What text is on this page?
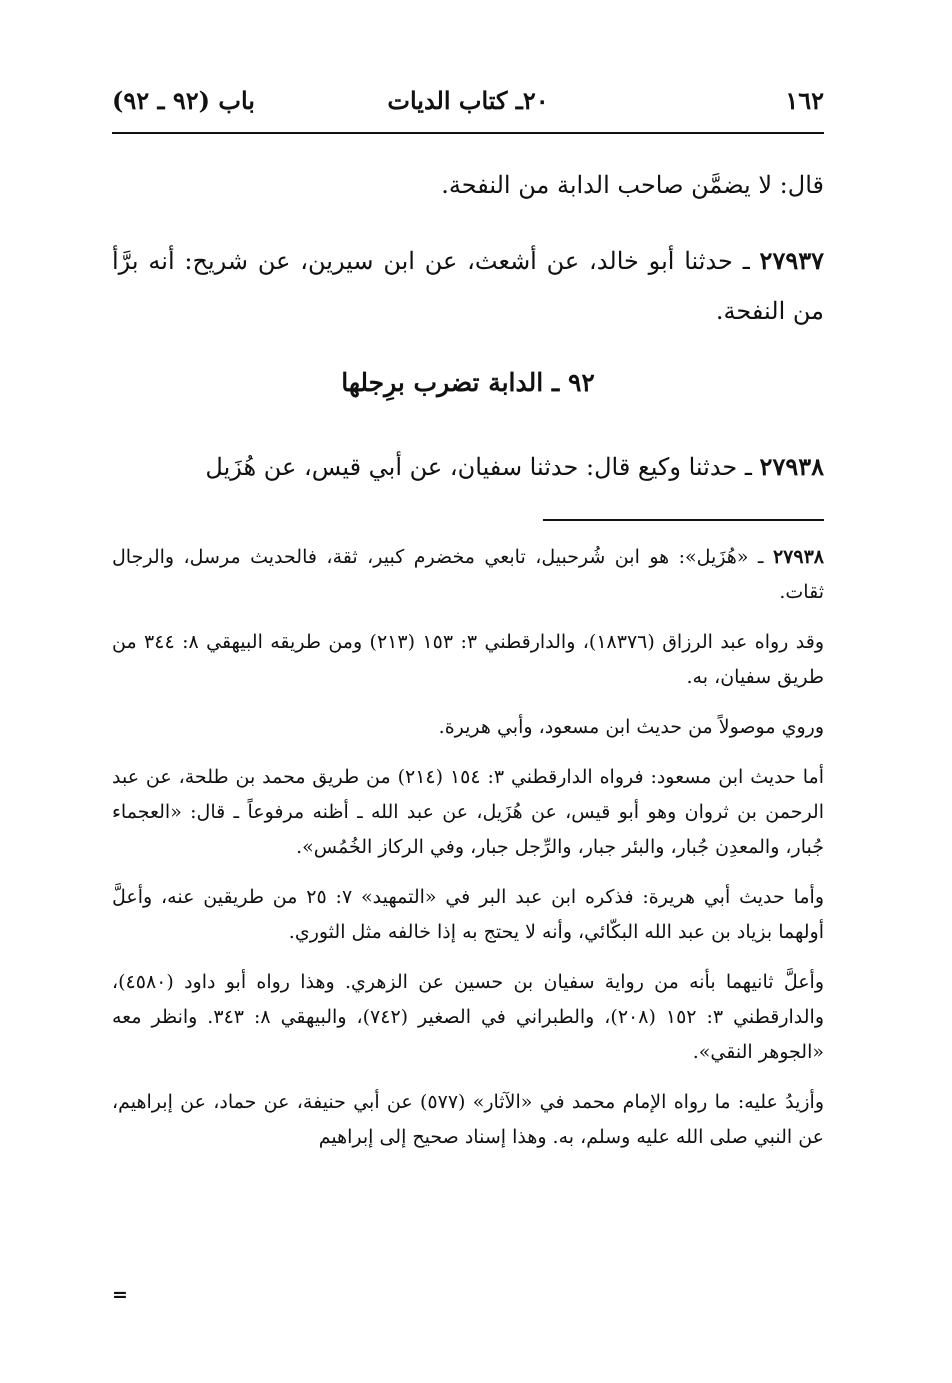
١٦٢
٢٠ـ كتاب الديات
باب (٩٢ ـ ٩٢)

قال: لا يضمَّن صاحب الدابة من النفحة.

٢٧٩٣٧ ـ حدثنا أبو خالد، عن أشعث، عن ابن سيرين، عن شريح: أنه برَّأ من النفحة.

٩٢ ـ الدابة تضرب برِجلها

٢٧٩٣٨ ـ حدثنا وكيع قال: حدثنا سفيان، عن أبي قيس، عن هُزَيل

٢٧٩٣٨ ـ «هُزَيل»: هو ابن شُرحبيل، تابعي مخضرم كبير، ثقة، فالحديث مرسل، والرجال ثقات.

وقد رواه عبد الرزاق (١٨٣٧٦)، والدارقطني ٣: ١٥٣ (٢١٣) ومن طريقه البيهقي ٨: ٣٤٤ من طريق سفيان، به.

وروي موصولاً من حديث ابن مسعود، وأبي هريرة.

أما حديث ابن مسعود: فرواه الدارقطني ٣: ١٥٤ (٢١٤) من طريق محمد بن طلحة، عن عبد الرحمن بن ثروان وهو أبو قيس، عن هُزَيل، عن عبد الله ـ أظنه مرفوعاً ـ قال: «العجماء جُبار، والمعدِن جُبار، والبئر جبار، والرِّجل جبار، وفي الركاز الخُمُس».

وأما حديث أبي هريرة: فذكره ابن عبد البر في «التمهيد» ٧: ٢٥ من طريقين عنه، وأعلَّ أولهما بزياد بن عبد الله البكّائي، وأنه لا يحتج به إذا خالفه مثل الثوري.

وأعلَّ ثانيهما بأنه من رواية سفيان بن حسين عن الزهري. وهذا رواه أبو داود (٤٥٨٠)، والدارقطني ٣: ١٥٢ (٢٠٨)، والطبراني في الصغير (٧٤٢)، والبيهقي ٨: ٣٤٣. وانظر معه «الجوهر النقي».

وأزيدُ عليه: ما رواه الإمام محمد في «الآثار» (٥٧٧) عن أبي حنيفة، عن حماد، عن إبراهيم، عن النبي صلى الله عليه وسلم، به. وهذا إسناد صحيح إلى إبراهيم

=
